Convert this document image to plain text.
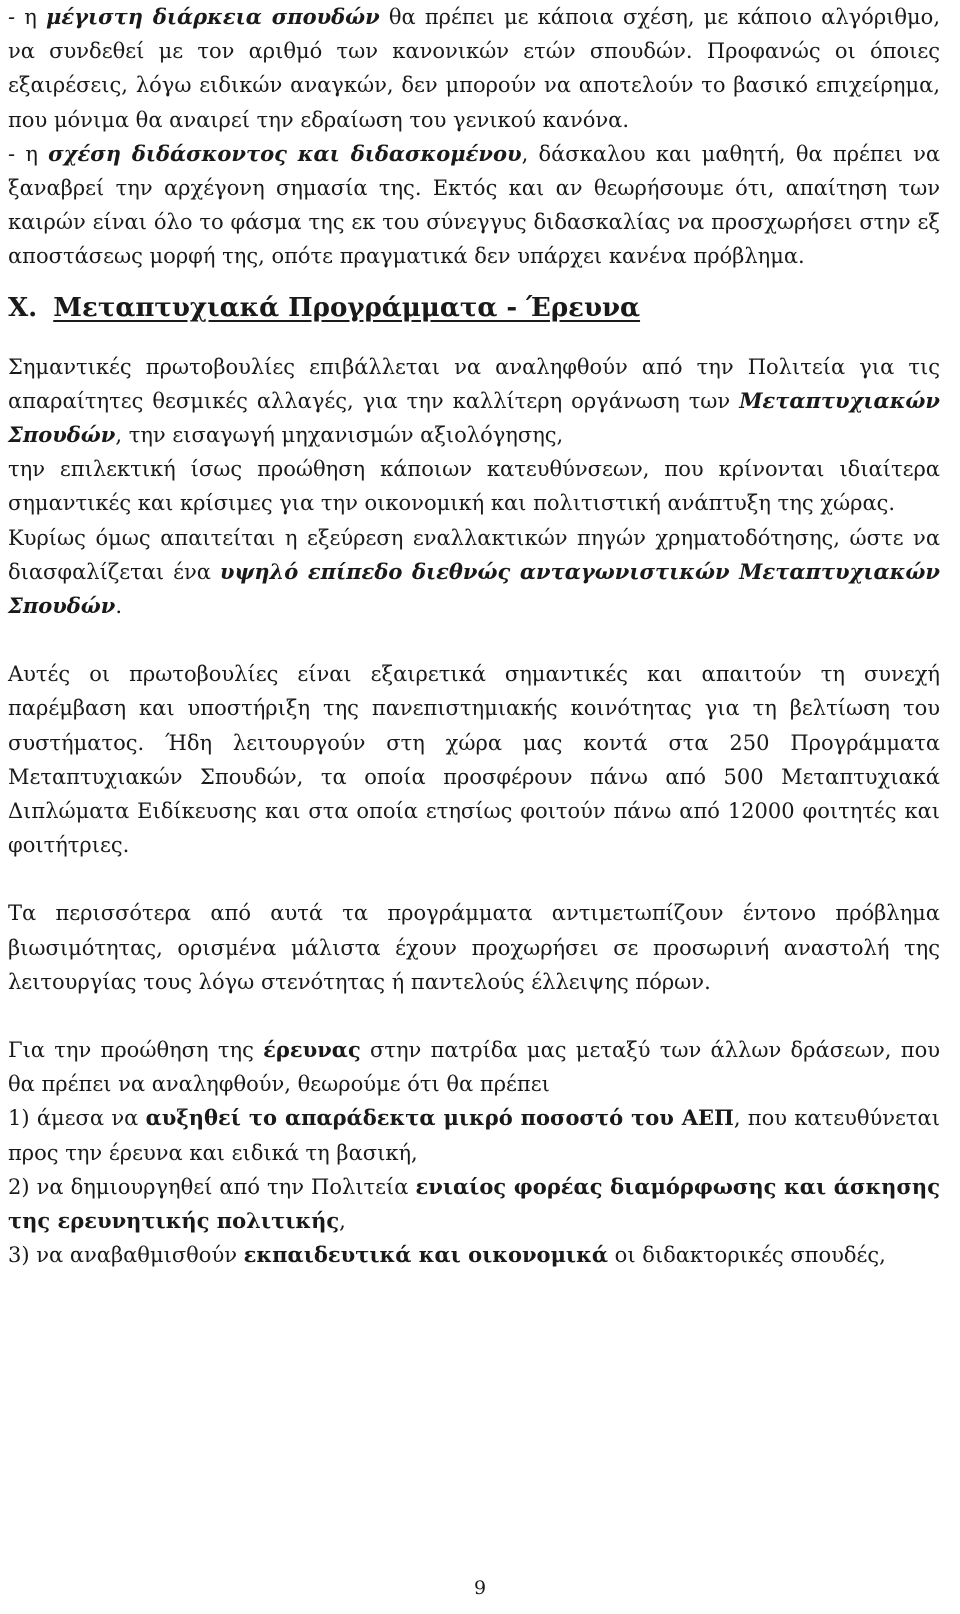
- η μέγιστη διάρκεια σπουδών θα πρέπει με κάποια σχέση, με κάποιο αλγόριθμο, να συνδεθεί με τον αριθμό των κανονικών ετών σπουδών. Προφανώς οι όποιες εξαιρέσεις, λόγω ειδικών αναγκών, δεν μπορούν να αποτελούν το βασικό επιχείρημα, που μόνιμα θα αναιρεί την εδραίωση του γενικού κανόνα.

- η σχέση διδάσκοντος και διδασκομένου, δάσκαλου και μαθητή, θα πρέπει να ξαναβρεί την αρχέγονη σημασία της. Εκτός και αν θεωρήσουμε ότι, απαίτηση των καιρών είναι όλο το φάσμα της εκ του σύνεγγυς διδασκαλίας να προσχωρήσει στην εξ αποστάσεως μορφή της, οπότε πραγματικά δεν υπάρχει κανένα πρόβλημα.

Χ. Μεταπτυχιακά Προγράμματα - Έρευνα

Σημαντικές πρωτοβουλίες επιβάλλεται να αναληφθούν από την Πολιτεία για τις απαραίτητες θεσμικές αλλαγές, για την καλλίτερη οργάνωση των Μεταπτυχιακών Σπουδών, την εισαγωγή μηχανισμών αξιολόγησης,

την επιλεκτική ίσως προώθηση κάποιων κατευθύνσεων, που κρίνονται ιδιαίτερα σημαντικές και κρίσιμες για την οικονομική και πολιτιστική ανάπτυξη της χώρας.

Κυρίως όμως απαιτείται η εξεύρεση εναλλακτικών πηγών χρηματοδότησης, ώστε να διασφαλίζεται ένα υψηλό επίπεδο διεθνώς ανταγωνιστικών Μεταπτυχιακών Σπουδών.

Αυτές οι πρωτοβουλίες είναι εξαιρετικά σημαντικές και απαιτούν τη συνεχή παρέμβαση και υποστήριξη της πανεπιστημιακής κοινότητας για τη βελτίωση του συστήματος. Ήδη λειτουργούν στη χώρα μας κοντά στα 250 Προγράμματα Μεταπτυχιακών Σπουδών, τα οποία προσφέρουν πάνω από 500 Μεταπτυχιακά Διπλώματα Ειδίκευσης και στα οποία ετησίως φοιτούν πάνω από 12000 φοιτητές και φοιτήτριες.

Τα περισσότερα από αυτά τα προγράμματα αντιμετωπίζουν έντονο πρόβλημα βιωσιμότητας, ορισμένα μάλιστα έχουν προχωρήσει σε προσωρινή αναστολή της λειτουργίας τους λόγω στενότητας ή παντελούς έλλειψης πόρων.

Για την προώθηση της έρευνας στην πατρίδα μας μεταξύ των άλλων δράσεων, που θα πρέπει να αναληφθούν, θεωρούμε ότι θα πρέπει

1) άμεσα να αυξηθεί το απαράδεκτα μικρό ποσοστό του ΑΕΠ, που κατευθύνεται προς την έρευνα και ειδικά τη βασική,

2) να δημιουργηθεί από την Πολιτεία ενιαίος φορέας διαμόρφωσης και άσκησης της ερευνητικής πολιτικής,

3) να αναβαθμισθούν εκπαιδευτικά και οικονομικά οι διδακτορικές σπουδές,

9
